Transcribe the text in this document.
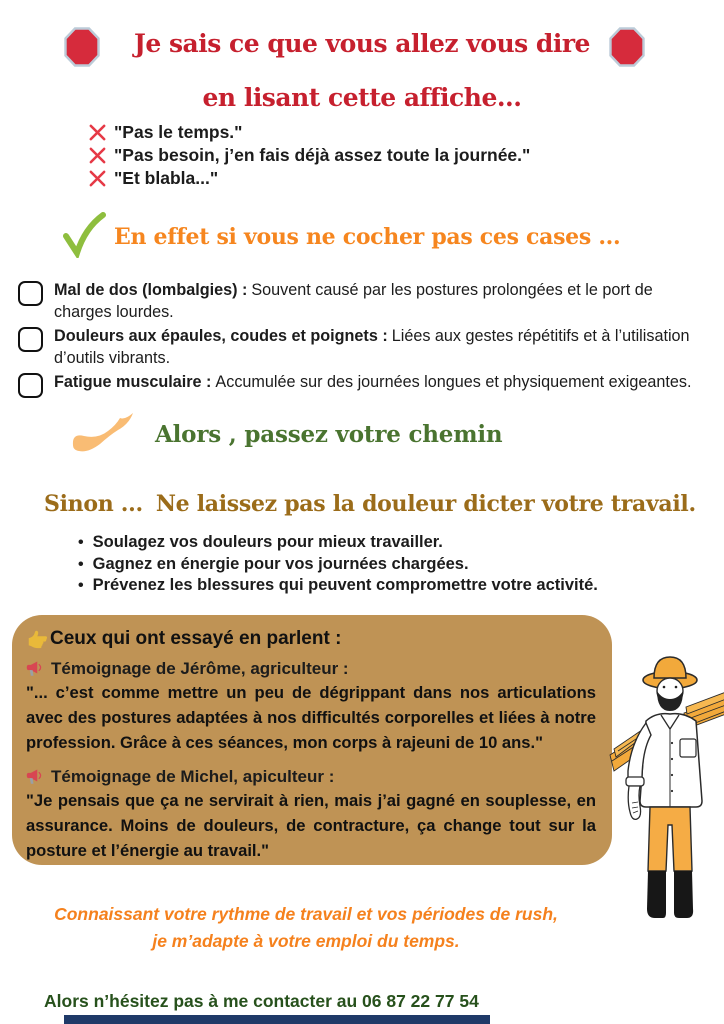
Je sais ce que vous allez vous dire
en lisant cette affiche...
"Pas le temps."
"Pas besoin, j’en fais déjà assez toute la journée."
"Et blabla..."
En effet si vous ne cocher pas ces cases ...
Mal de dos (lombalgies) : Souvent causé par les postures prolongées et le port de charges lourdes.
Douleurs aux épaules, coudes et poignets : Liées aux gestes répétitifs et à l’utilisation d’outils vibrants.
Fatigue musculaire : Accumulée sur des journées longues et physiquement exigeantes.
Alors , passez votre chemin
Sinon ... Ne laissez pas la douleur dicter votre travail.
• Soulagez vos douleurs pour mieux travailler.
• Gagnez en énergie pour vos journées chargées.
• Prévenez les blessures qui peuvent compromettre votre activité.
Ceux qui ont essayé en parlent :
Témoignage de Jérôme, agriculteur :
"... c’est comme mettre un peu de dégrippant dans nos articulations avec des postures adaptées à nos difficultés corporelles et liées à notre profession. Grâce à ces séances, mon corps à rajeuni de 10 ans."
Témoignage de Michel, apiculteur :
"Je pensais que ça ne servirait à rien, mais j’ai gagné en souplesse, en assurance. Moins de douleurs, de contracture, ça change tout sur la posture et l’énergie au travail."
Connaissant votre rythme de travail et vos périodes de rush,
je m’adapte à votre emploi du temps.
Alors n’hésitez pas à me contacter au 06 87 22 77 54
